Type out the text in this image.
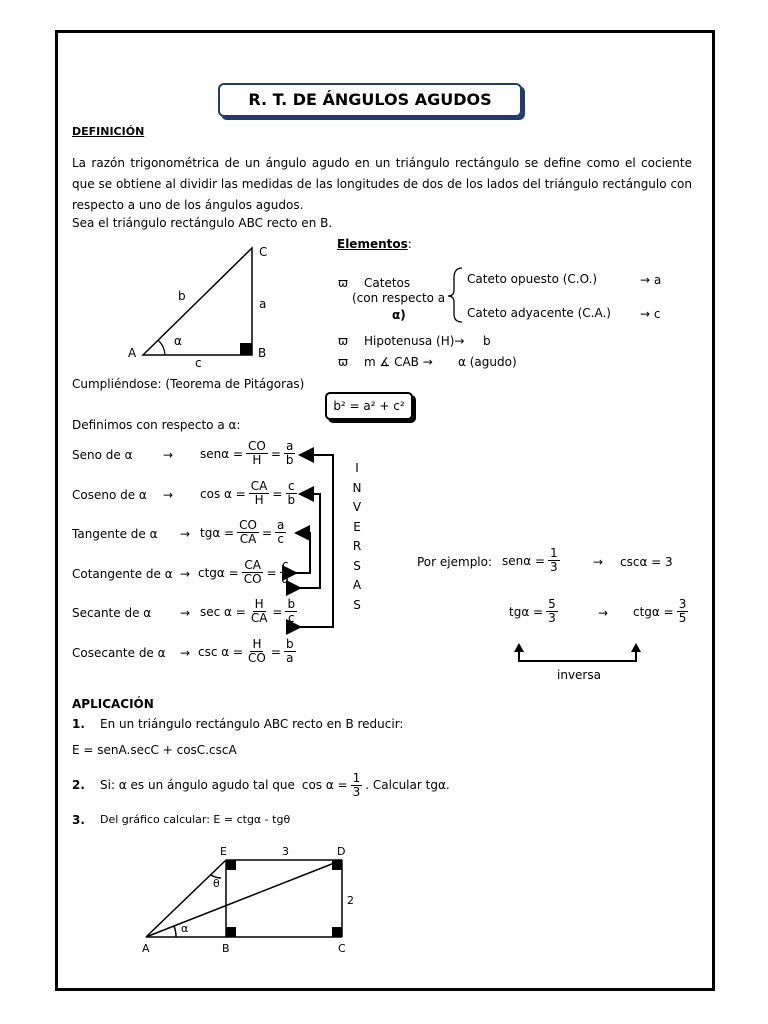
R. T. DE ÁNGULOS AGUDOS
DEFINICIÓN
La razón trigonométrica de un ángulo agudo en un triángulo rectángulo se define como el cociente que se obtiene al dividir las medidas de las longitudes de dos de los lados del triángulo rectángulo con respecto a uno de los ángulos agudos.
Sea el triángulo rectángulo ABC recto en B.
C
A	B
b
a
c
α
Elementos:
ϖ Catetos
(con respecto a
α)
Cateto opuesto (C.O.)	→ a
Cateto adyacente (C.A.) → c
ϖ Hipotenusa (H)→ b
ϖ m ∡ CAB → α (agudo)
Cumpliéndose: (Teorema de Pitágoras)
b² = a² + c²
Definimos con respecto a α:
Seno de α	→ $sen\alpha = \frac{CO}{H} = \frac{a}{b}$
Coseno de $\alpha \to \cos \alpha = \frac{CA}{H} = \frac{c}{b}$
Tangente de $\alpha \to tg\alpha = \frac{CO}{CA} = \frac{a}{c}$
Cotangente de $\alpha \to ctg\alpha = \frac{CA}{CO} = \frac{c}{a}$
Secante de $\alpha \to \sec \alpha = \frac{H}{CA} = \frac{b}{c}$
Cosecante de $\alpha \to \csc \alpha = \frac{H}{CO} = \frac{b}{a}$
I
N
V
E
R
S
A
S
Por ejemplo: $sen\alpha = \frac{1}{3}$	→ cscα = 3
$tg\alpha = \frac{5}{3}$	→ $ctg\alpha = \frac{3}{5}$
inversa
APLICACIÓN
1. En un triángulo rectángulo ABC recto en B reducir:
E = senA.secC + cosC.cscA
2. Si: α es un ángulo agudo tal que $\cos \alpha = \frac{1}{3}$ . Calcular tgα.
3. Del gráfico calcular: E = ctgα - tgθ
E	D
3
2
θ
α
A	B	C
